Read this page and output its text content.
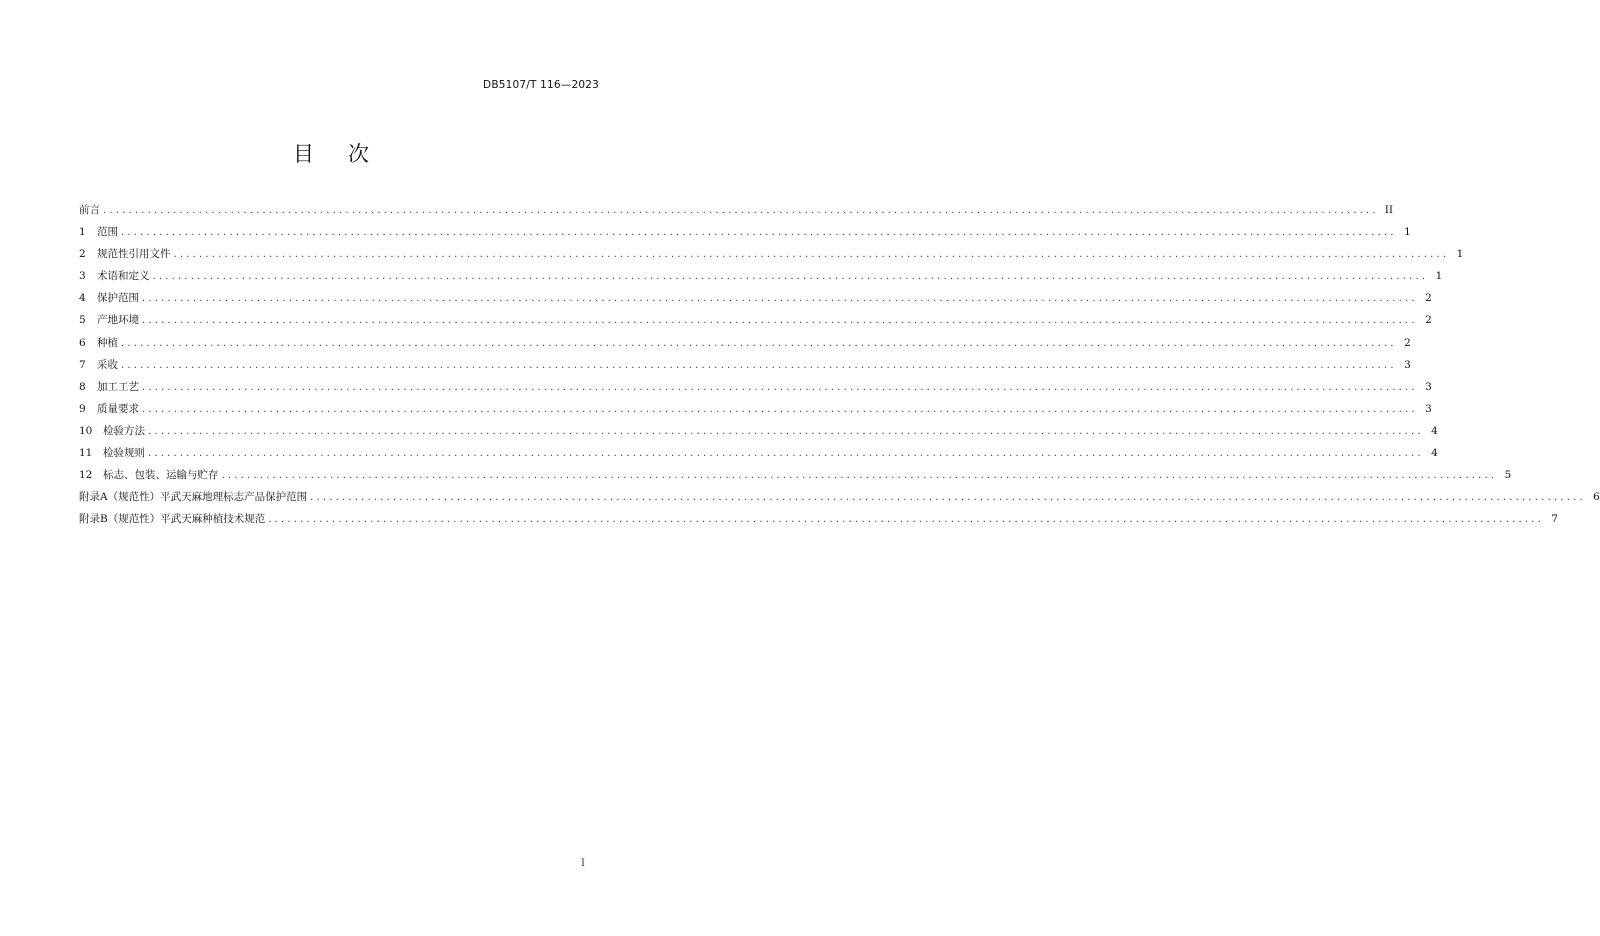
DB5107/T 116—2023
目 次
前言 ........................................................................................................................................................................................................ II
1	范围 ........................................................................................................................................................................................................ 1
2	规范性引用文件 ........................................................................................................................................................................................................ 1
3	术语和定义 ........................................................................................................................................................................................................ 1
4	保护范围 ........................................................................................................................................................................................................ 2
5	产地环境 ........................................................................................................................................................................................................ 2
6	种植 ........................................................................................................................................................................................................ 2
7	采收 ........................................................................................................................................................................................................ 3
8	加工工艺 ........................................................................................................................................................................................................ 3
9	质量要求 ........................................................................................................................................................................................................ 3
10	检验方法 ........................................................................................................................................................................................................ 4
11	检验规则 ........................................................................................................................................................................................................ 4
12	标志、包装、运输与贮存 ........................................................................................................................................................................................................ 5
附录A（规范性） 平武天麻地理标志产品保护范围 ........................................................................................................................................................................................................ 6
附录B（规范性） 平武天麻种植技术规范 ........................................................................................................................................................................................................ 7
I
